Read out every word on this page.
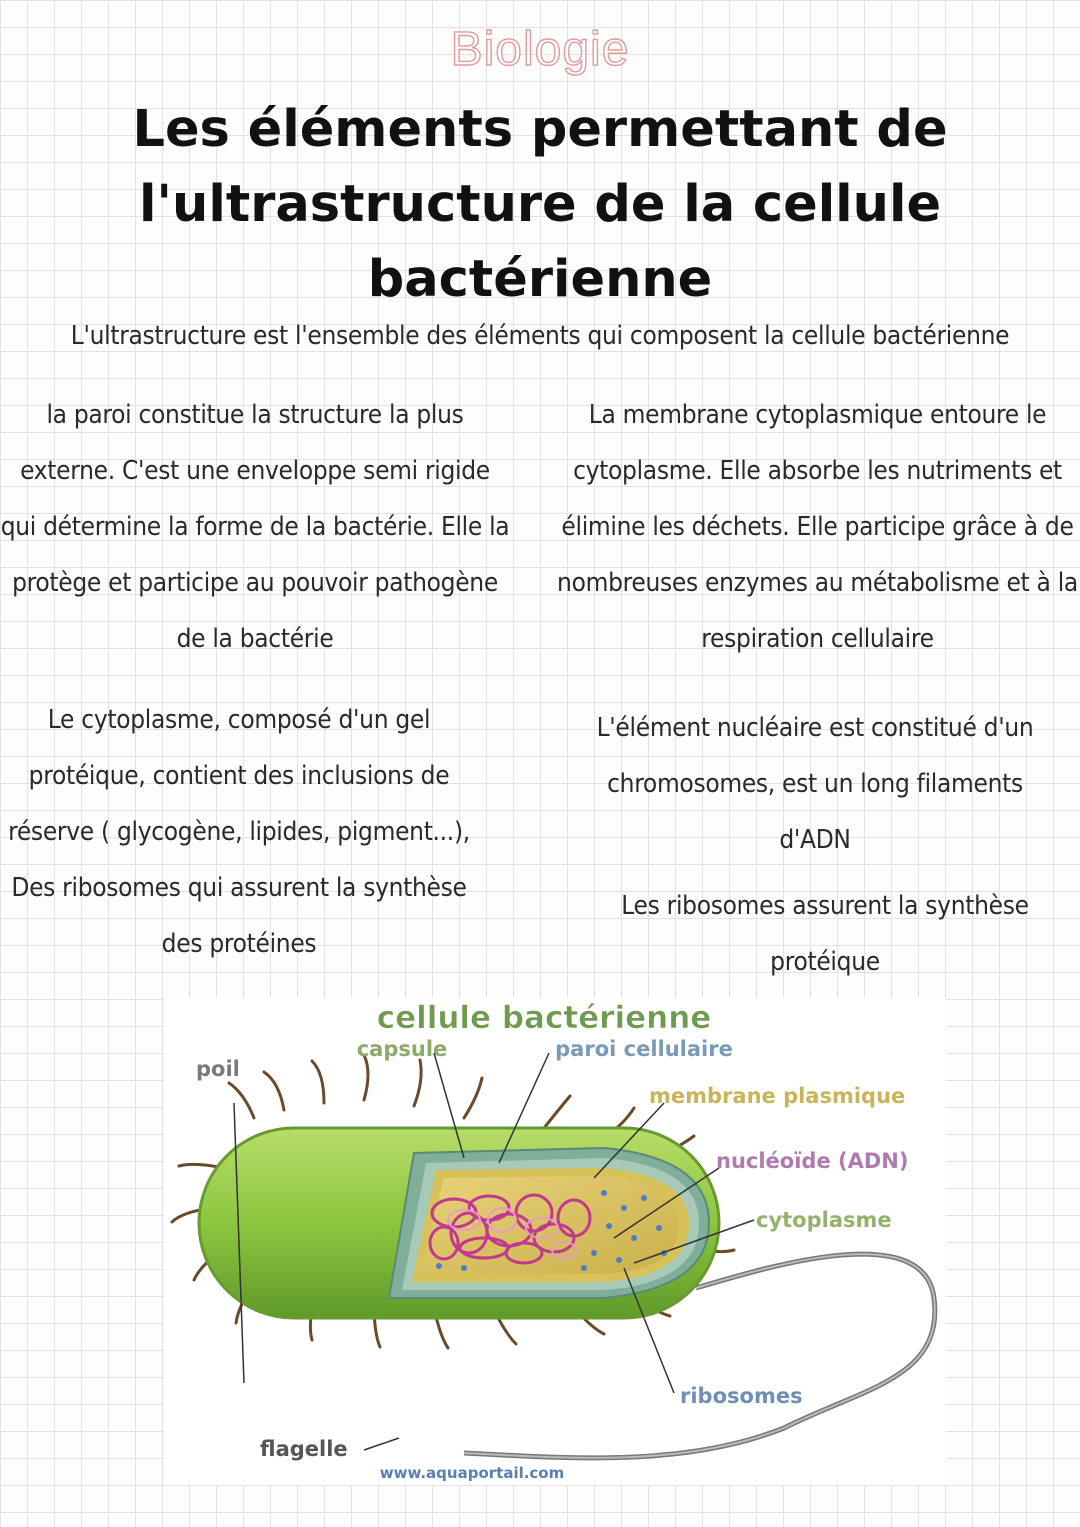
Biologie
Les éléments permettant de l'ultrastructure de la cellule bactérienne
L'ultrastructure est l'ensemble des éléments qui composent la cellule bactérienne
la paroi constitue la structure la plus externe. C'est une enveloppe semi rigide qui détermine la forme de la bactérie. Elle la protège et participe au pouvoir pathogène de la bactérie
La membrane cytoplasmique entoure le cytoplasme. Elle absorbe les nutriments et élimine les déchets. Elle participe grâce à de nombreuses enzymes au métabolisme et à la respiration cellulaire
Le cytoplasme, composé d'un gel protéique, contient des inclusions de réserve ( glycogène, lipides, pigment...), Des ribosomes qui assurent la synthèse des protéines
L'élément nucléaire est constitué d'un chromosomes, est un long filaments d'ADN
Les ribosomes assurent la synthèse protéique
cellule bactérienne
capsule	paroi cellulaire
poil
membrane plasmique
nucléoïde (ADN)
cytoplasme
ribosomes
flagelle
www.aquaportail.com
